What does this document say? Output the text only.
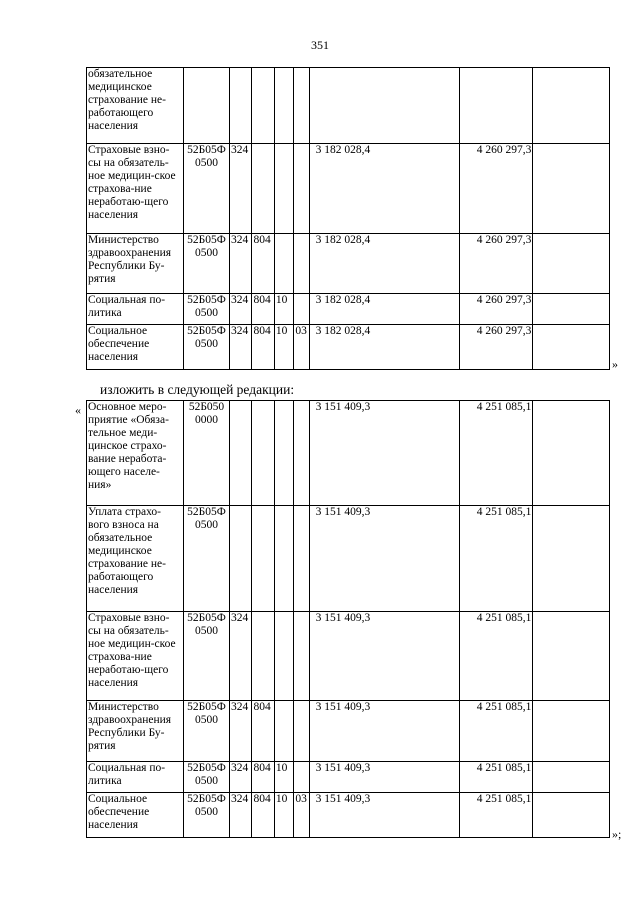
351
обязательное медицинское страхование не-работающего населения								
Страховые взно-сы на обязатель-ное медицин-ское страхова-ние неработаю-щего населения	52Б05Ф 0500	324				3 182 028,4	4 260 297,3	
Министерство здравоохранения Республики Бу-рятия	52Б05Ф 0500	324	804			3 182 028,4	4 260 297,3	
Социальная по-литика	52Б05Ф 0500	324	804	10		3 182 028,4	4 260 297,3	
Социальное обеспечение населения	52Б05Ф 0500	324	804	10	03	3 182 028,4	4 260 297,3	
»
изложить в следующей редакции:
« Основное меро-приятие «Обяза-тельное меди-цинское страхо-вание неработа-ющего населе-ния»	52Б050 0000					3 151 409,3	4 251 085,1	
Уплата страхо-вого взноса на обязательное медицинское страхование не-работающего населения	52Б05Ф 0500					3 151 409,3	4 251 085,1	
Страховые взно-сы на обязатель-ное медицин-ское страхова-ние неработаю-щего населения	52Б05Ф 0500	324				3 151 409,3	4 251 085,1	
Министерство здравоохранения Республики Бу-рятия	52Б05Ф 0500	324	804			3 151 409,3	4 251 085,1	
Социальная по-литика	52Б05Ф 0500	324	804	10		3 151 409,3	4 251 085,1	
Социальное обеспечение населения	52Б05Ф 0500	324	804	10	03	3 151 409,3	4 251 085,1	
»;
